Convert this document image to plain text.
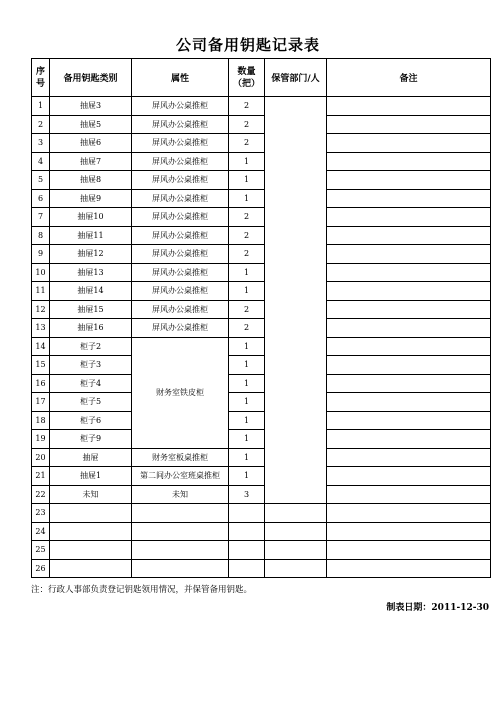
公司备用钥匙记录表
序号	备用钥匙类别	属性	数量（把）	保管部门/人	备注
1	抽屉3	屏风办公桌推柜	2		
2	抽屉5	屏风办公桌推柜	2		
3	抽屉6	屏风办公桌推柜	2		
4	抽屉7	屏风办公桌推柜	1		
5	抽屉8	屏风办公桌推柜	1		
6	抽屉9	屏风办公桌推柜	1		
7	抽屉10	屏风办公桌推柜	2		
8	抽屉11	屏风办公桌推柜	2		
9	抽屉12	屏风办公桌推柜	2		
10	抽屉13	屏风办公桌推柜	1		
11	抽屉14	屏风办公桌推柜	1		
12	抽屉15	屏风办公桌推柜	2		
13	抽屉16	屏风办公桌推柜	2		
14	柜子2	财务室铁皮柜	1		
15	柜子3		1		
16	柜子4		1		
17	柜子5		1		
18	柜子6		1		
19	柜子9		1		
20	抽屉	财务室板桌推柜	1		
21	抽屉1	第二间办公室班桌推柜	1		
22	未知	未知	3		
23					
24					
25					
26					
注：行政人事部负责登记钥匙领用情况，并保管备用钥匙。
制表日期：2011-12-30
